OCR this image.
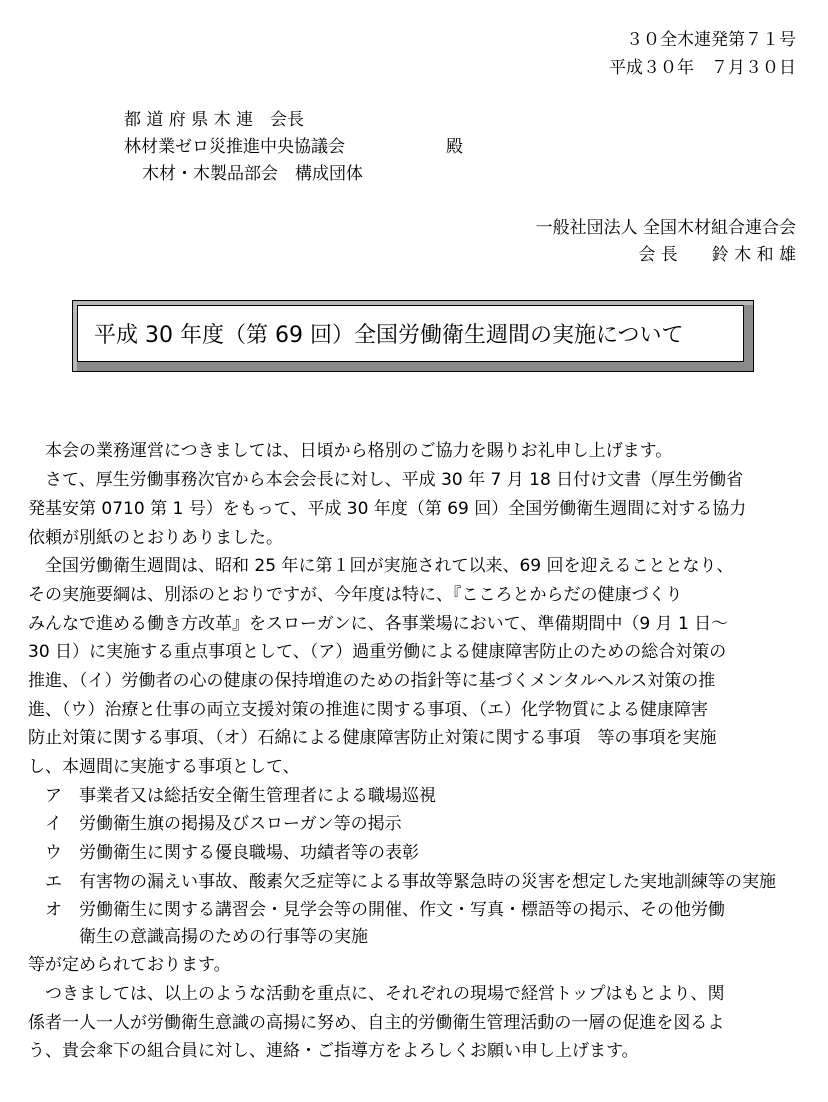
３０全木連発第７１号
平成３０年　７月３０日
都 道 府 県 木 連　会長
林材業ゼロ災推進中央協議会	殿
木材・木製品部会　構成団体
一般社団法人 全国木材組合連合会
会 長　　鈴 木 和 雄
平成 30 年度（第 69 回）全国労働衛生週間の実施について
　本会の業務運営につきましては、日頃から格別のご協力を賜りお礼申し上げます。
　さて、厚生労働事務次官から本会会長に対し、平成 30 年 7 月 18 日付け文書（厚生労働省
発基安第 0710 第 1 号）をもって、平成 30 年度（第 69 回）全国労働衛生週間に対する協力
依頼が別紙のとおりありました。
　全国労働衛生週間は、昭和 25 年に第１回が実施されて以来、69 回を迎えることとなり、
その実施要綱は、別添のとおりですが、今年度は特に、『こころとからだの健康づくり
みんなで進める働き方改革』をスローガンに、各事業場において、準備期間中（9 月 1 日～
30 日）に実施する重点事項として、（ア）過重労働による健康障害防止のための総合対策の
推進、（イ）労働者の心の健康の保持増進のための指針等に基づくメンタルヘルス対策の推
進、（ウ）治療と仕事の両立支援対策の推進に関する事項、（エ）化学物質による健康障害
防止対策に関する事項、（オ）石綿による健康障害防止対策に関する事項　等の事項を実施
し、本週間に実施する事項として、
　ア　事業者又は総括安全衛生管理者による職場巡視
　イ　労働衛生旗の掲揚及びスローガン等の掲示
　ウ　労働衛生に関する優良職場、功績者等の表彰
　エ　有害物の漏えい事故、酸素欠乏症等による事故等緊急時の災害を想定した実地訓練等の実施
　オ　労働衛生に関する講習会・見学会等の開催、作文・写真・標語等の掲示、その他労働
　　　衛生の意識高揚のための行事等の実施
等が定められております。
　つきましては、以上のような活動を重点に、それぞれの現場で経営トップはもとより、関
係者一人一人が労働衛生意識の高揚に努め、自主的労働衛生管理活動の一層の促進を図るよ
う、貴会傘下の組合員に対し、連絡・ご指導方をよろしくお願い申し上げます。
